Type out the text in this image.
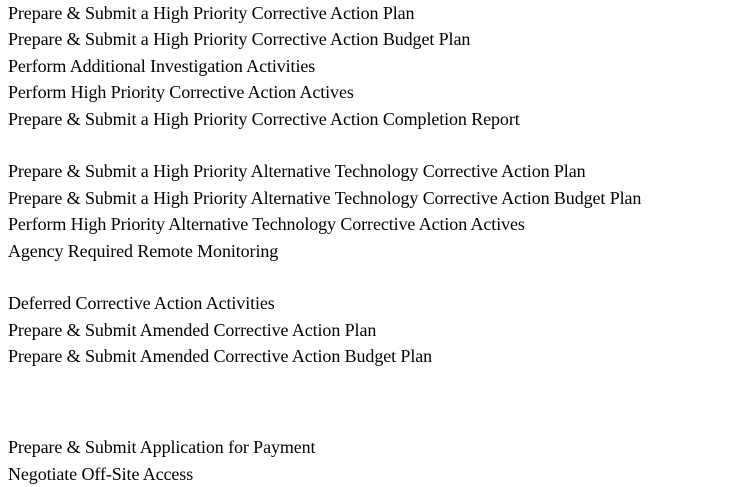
Prepare & Submit a High Priority Corrective Action Plan
Prepare & Submit a High Priority Corrective Action Budget Plan
Perform Additional Investigation Activities
Perform High Priority Corrective Action Actives
Prepare & Submit a High Priority Corrective Action Completion Report
Prepare & Submit a High Priority Alternative Technology Corrective Action Plan
Prepare & Submit a High Priority Alternative Technology Corrective Action Budget Plan
Perform High Priority Alternative Technology Corrective Action Actives
Agency Required Remote Monitoring
Deferred Corrective Action Activities
Prepare & Submit Amended Corrective Action Plan
Prepare & Submit Amended Corrective Action Budget Plan
Prepare & Submit Application for Payment
Negotiate Off-Site Access
